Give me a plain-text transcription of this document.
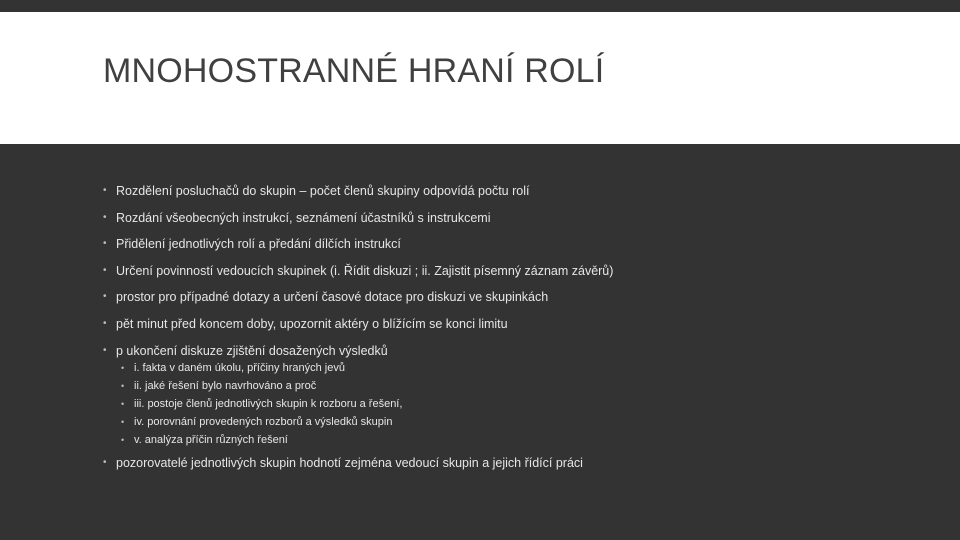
MNOHOSTRANNÉ HRANÍ ROLÍ
• Rozdělení posluchačů do skupin – počet členů skupiny odpovídá počtu rolí
• Rozdání všeobecných instrukcí, seznámení účastníků s instrukcemi
• Přidělení jednotlivých rolí a předání dílčích instrukcí
• Určení povinností vedoucích skupinek (i. Řídit diskuzi ; ii. Zajistit písemný záznam závěrů)
• prostor pro případné dotazy a určení časové dotace pro diskuzi ve skupinkách
• pět minut před koncem doby, upozornit aktéry o blížícím se konci limitu
• p ukončení diskuze zjištění dosažených výsledků
• i. fakta v daném úkolu, příčiny hraných jevů
• ii. jaké řešení bylo navrhováno a proč
• iii. postoje členů jednotlivých skupin k rozboru a řešení,
• iv. porovnání provedených rozborů a výsledků skupin
• v. analýza příčin různých řešení
• pozorovatelé jednotlivých skupin hodnotí zejména vedoucí skupin a jejich řídící práci
